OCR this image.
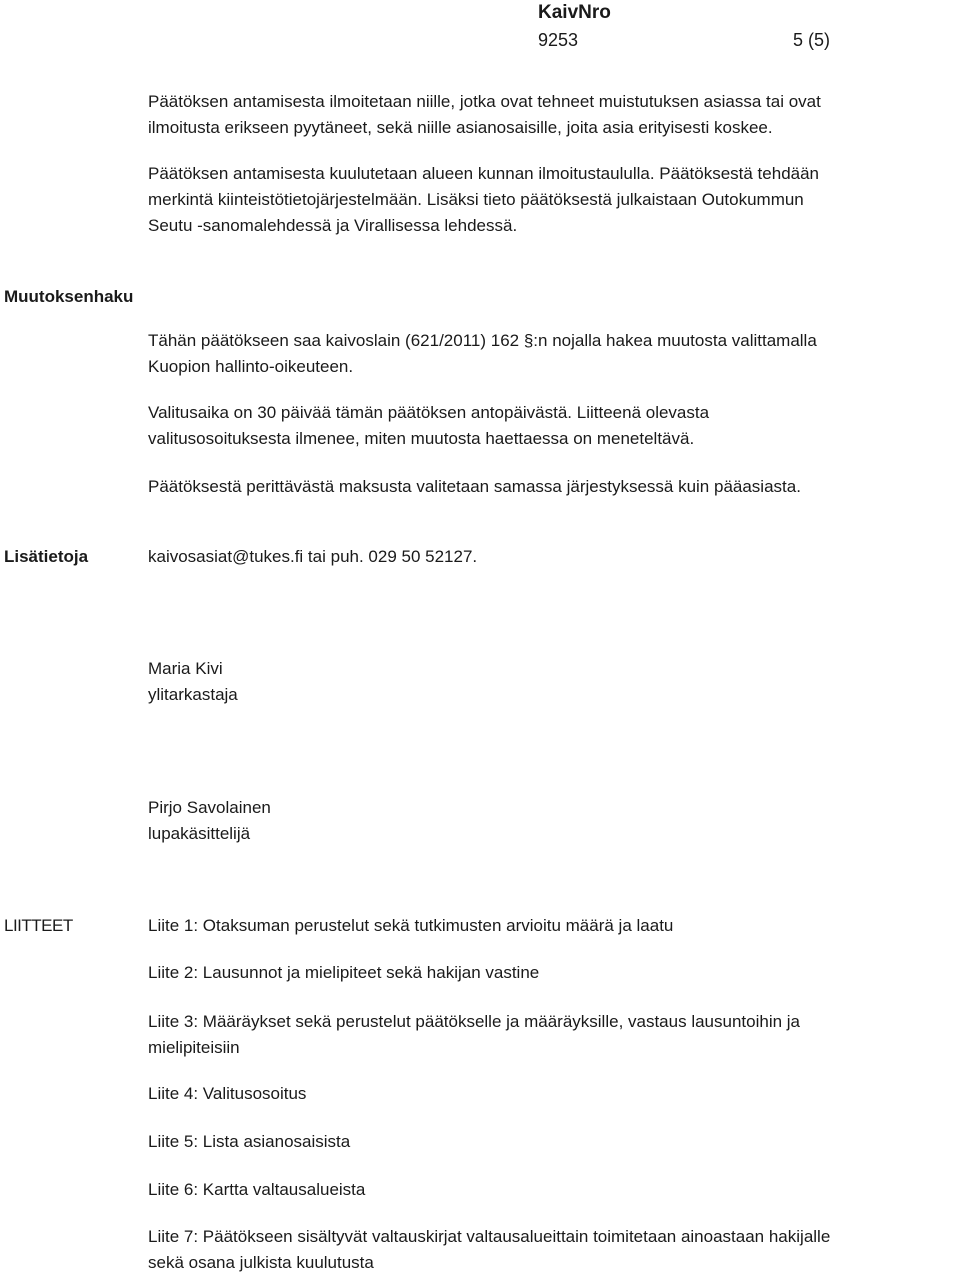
KaivNro
9253	5 (5)
Päätöksen antamisesta ilmoitetaan niille, jotka ovat tehneet muistutuksen asiassa tai ovat
ilmoitusta erikseen pyytäneet, sekä niille asianosaisille, joita asia erityisesti koskee.
Päätöksen antamisesta kuulutetaan alueen kunnan ilmoitustaululla. Päätöksestä tehdään
merkintä kiinteistötietojärjestelmään. Lisäksi tieto päätöksestä julkaistaan Outokummun
Seutu -sanomalehdessä ja Virallisessa lehdessä.
Muutoksenhaku
Tähän päätökseen saa kaivoslain (621/2011) 162 §:n nojalla hakea muutosta valittamalla
Kuopion hallinto-oikeuteen.
Valitusaika on 30 päivää tämän päätöksen antopäivästä. Liitteenä olevasta
valitusosoituksesta ilmenee, miten muutosta haettaessa on meneteltävä.
Päätöksestä perittävästä maksusta valitetaan samassa järjestyksessä kuin pääasiasta.
Lisätietoja	kaivosasiat@tukes.fi tai puh. 029 50 52127.
Maria Kivi
ylitarkastaja
Pirjo Savolainen
lupakäsittelijä
LIITTEET	Liite 1: Otaksuman perustelut sekä tutkimusten arvioitu määrä ja laatu
Liite 2: Lausunnot ja mielipiteet sekä hakijan vastine
Liite 3: Määräykset sekä perustelut päätökselle ja määräyksille, vastaus lausuntoihin ja
mielipiteisiin
Liite 4: Valitusosoitus
Liite 5: Lista asianosaisista
Liite 6: Kartta valtausalueista
Liite 7: Päätökseen sisältyvät valtauskirjat valtausalueittain toimitetaan ainoastaan hakijalle
sekä osana julkista kuulutusta
